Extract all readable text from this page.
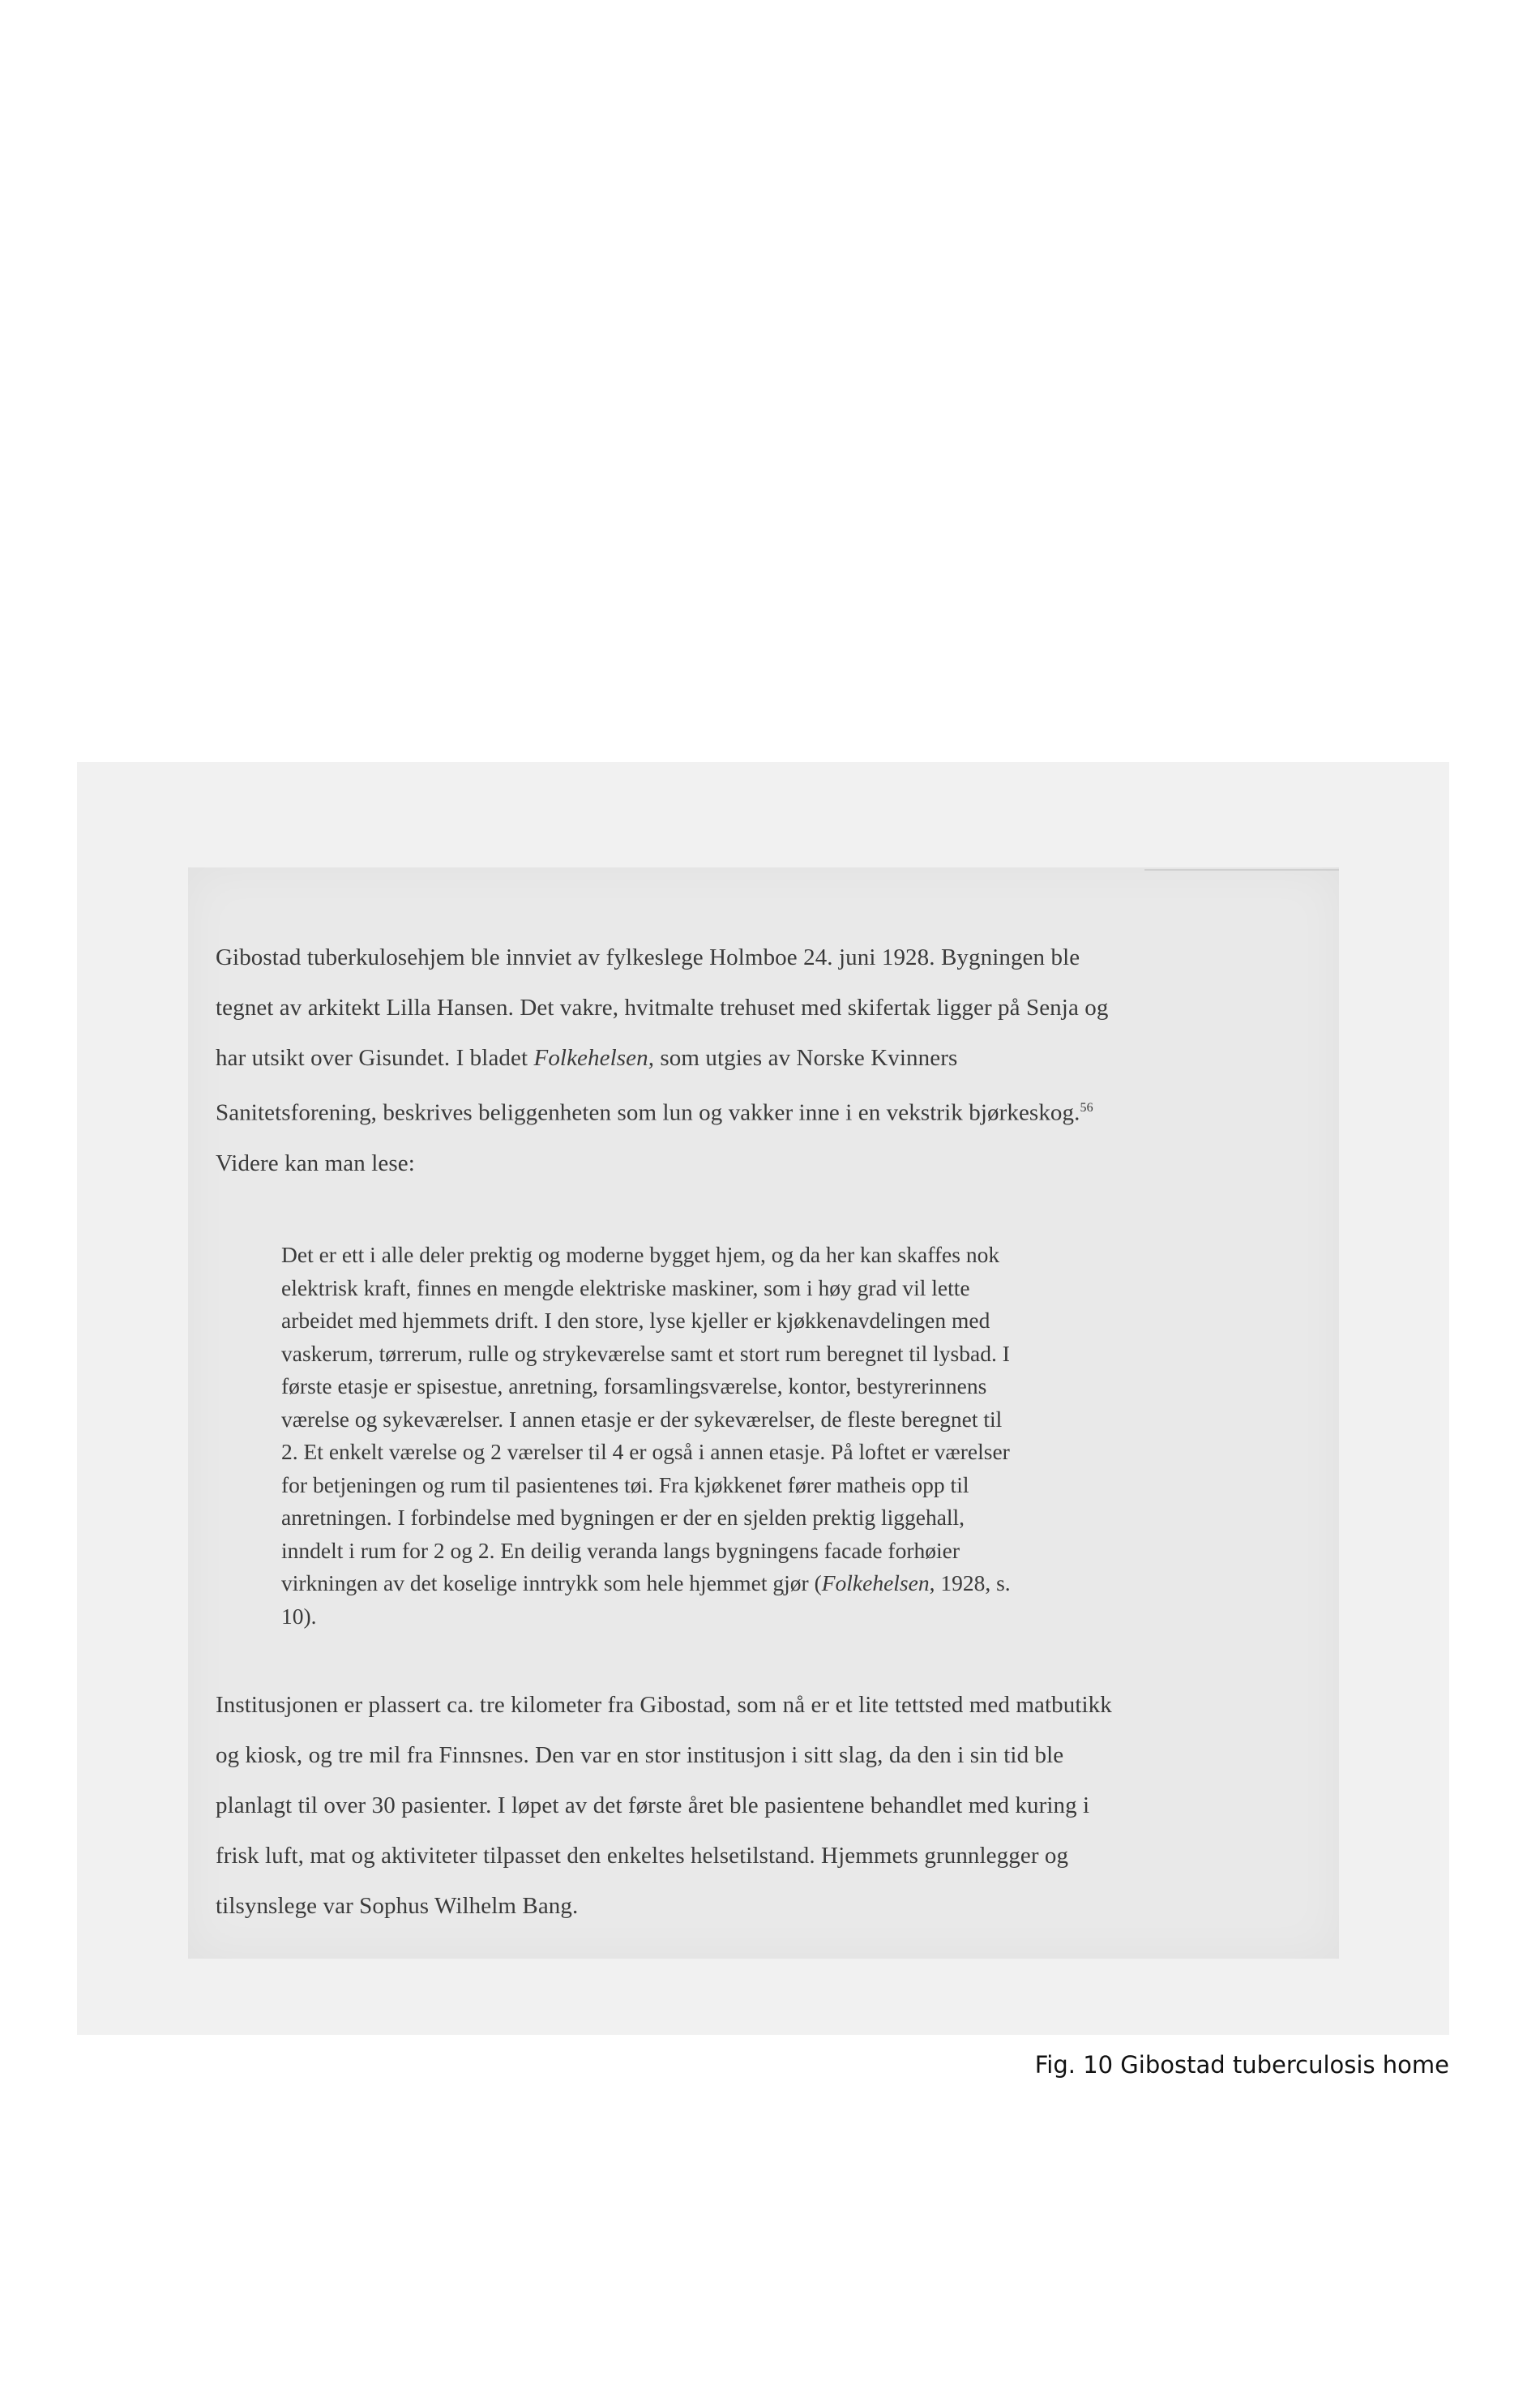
Gibostad tuberkulosehjem ble innviet av fylkeslege Holmboe 24. juni 1928. Bygningen ble
tegnet av arkitekt Lilla Hansen. Det vakre, hvitmalte trehuset med skifertak ligger på Senja og
har utsikt over Gisundet. I bladet Folkehelsen, som utgies av Norske Kvinners
Sanitetsforening, beskrives beliggenheten som lun og vakker inne i en vekstrik bjørkeskog.$^{56}$
Videre kan man lese:
Det er ett i alle deler prektig og moderne bygget hjem, og da her kan skaffes nok
elektrisk kraft, finnes en mengde elektriske maskiner, som i høy grad vil lette
arbeidet med hjemmets drift. I den store, lyse kjeller er kjøkkenavdelingen med
vaskerum, tørrerum, rulle og strykeværelse samt et stort rum beregnet til lysbad. I
første etasje er spisestue, anretning, forsamlingsværelse, kontor, bestyrerinnens
værelse og sykeværelser. I annen etasje er der sykeværelser, de fleste beregnet til
2. Et enkelt værelse og 2 værelser til 4 er også i annen etasje. På loftet er værelser
for betjeningen og rum til pasientenes tøi. Fra kjøkkenet fører matheis opp til
anretningen. I forbindelse med bygningen er der en sjelden prektig liggehall,
inndelt i rum for 2 og 2. En deilig veranda langs bygningens facade forhøier
virkningen av det koselige inntrykk som hele hjemmet gjør (Folkehelsen, 1928, s.
10).
Institusjonen er plassert ca. tre kilometer fra Gibostad, som nå er et lite tettsted med matbutikk
og kiosk, og tre mil fra Finnsnes. Den var en stor institusjon i sitt slag, da den i sin tid ble
planlagt til over 30 pasienter. I løpet av det første året ble pasientene behandlet med kuring i
frisk luft, mat og aktiviteter tilpasset den enkeltes helsetilstand. Hjemmets grunnlegger og
tilsynslege var Sophus Wilhelm Bang.
Fig. 10 Gibostad tuberculosis home
